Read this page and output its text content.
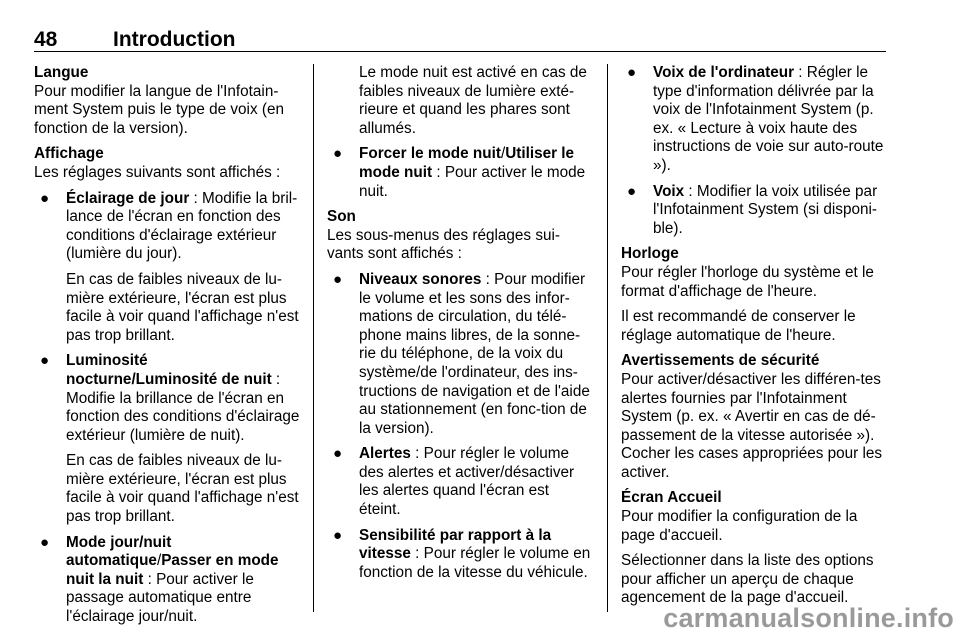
48	Introduction

Langue

Pour modifier la langue de l'Infotain-ment System puis le type de voix (en fonction de la version).

Affichage

Les réglages suivants sont affichés :

● Éclairage de jour : Modifie la bril-lance de l'écran en fonction des conditions d'éclairage extérieur (lumière du jour).
En cas de faibles niveaux de lu-mière extérieure, l'écran est plus facile à voir quand l'affichage n'est pas trop brillant.
● Luminosité nocturne/Luminosité de nuit : Modifie la brillance de l'écran en fonction des conditions d'éclairage extérieur (lumière de nuit).
En cas de faibles niveaux de lu-mière extérieure, l'écran est plus facile à voir quand l'affichage n'est pas trop brillant.
● Mode jour/nuit automatique/Passer en mode nuit la nuit : Pour activer le passage automatique entre l'éclairage jour/nuit.

Le mode nuit est activé en cas de faibles niveaux de lumière exté-rieure et quand les phares sont allumés.

● Forcer le mode nuit/Utiliser le mode nuit : Pour activer le mode nuit.

Son

Les sous-menus des réglages sui-vants sont affichés :

● Niveaux sonores : Pour modifier le volume et les sons des infor-mations de circulation, du télé-phone mains libres, de la sonne-rie du téléphone, de la voix du système/de l'ordinateur, des ins-tructions de navigation et de l'aide au stationnement (en fonc-tion de la version).
● Alertes : Pour régler le volume des alertes et activer/désactiver les alertes quand l'écran est éteint.
● Sensibilité par rapport à la vitesse : Pour régler le volume en fonction de la vitesse du véhicule.
● Voix de l'ordinateur : Régler le type d'information délivrée par la voix de l'Infotainment System (p. ex. « Lecture à voix haute des instructions de voie sur auto-route »).
● Voix : Modifier la voix utilisée par l'Infotainment System (si disponi-ble).

Horloge

Pour régler l'horloge du système et le format d'affichage de l'heure.

Il est recommandé de conserver le réglage automatique de l'heure.

Avertissements de sécurité

Pour activer/désactiver les différen-tes alertes fournies par l'Infotainment System (p. ex. « Avertir en cas de dé-passement de la vitesse autorisée »). Cocher les cases appropriées pour les activer.

Écran Accueil

Pour modifier la configuration de la page d'accueil.

Sélectionner dans la liste des options pour afficher un aperçu de chaque agencement de la page d'accueil.

carmanualsonline.info
